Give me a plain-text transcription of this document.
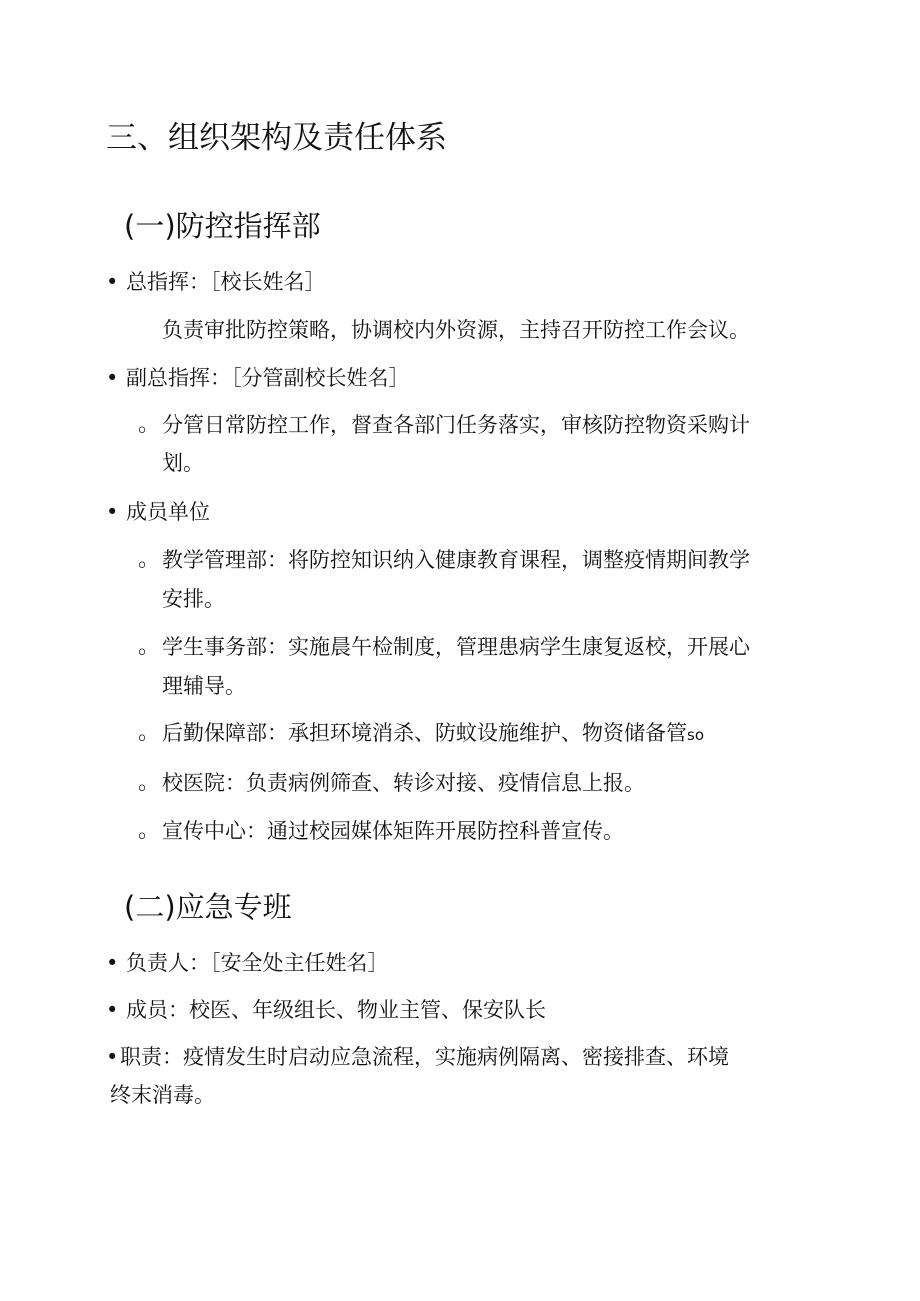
三、组织架构及责任体系
(一)防控指挥部
• 总指挥：［校长姓名］
负责审批防控策略，协调校内外资源，主持召开防控工作会议。
• 副总指挥：［分管副校长姓名］
。 分管日常防控工作，督查各部门任务落实，审核防控物资采购计
划。
• 成员单位
。 教学管理部：将防控知识纳入健康教育课程，调整疫情期间教学
安排。
。 学生事务部：实施晨午检制度，管理患病学生康复返校，开展心
理辅导。
。 后勤保障部：承担环境消杀、防蚊设施维护、物资储备管so
。 校医院：负责病例筛查、转诊对接、疫情信息上报。
。 宣传中心：通过校园媒体矩阵开展防控科普宣传。
(二)应急专班
• 负责人：［安全处主任姓名］
• 成员：校医、年级组长、物业主管、保安队长
• 职责：疫情发生时启动应急流程，实施病例隔离、密接排查、环境
终末消毒。
